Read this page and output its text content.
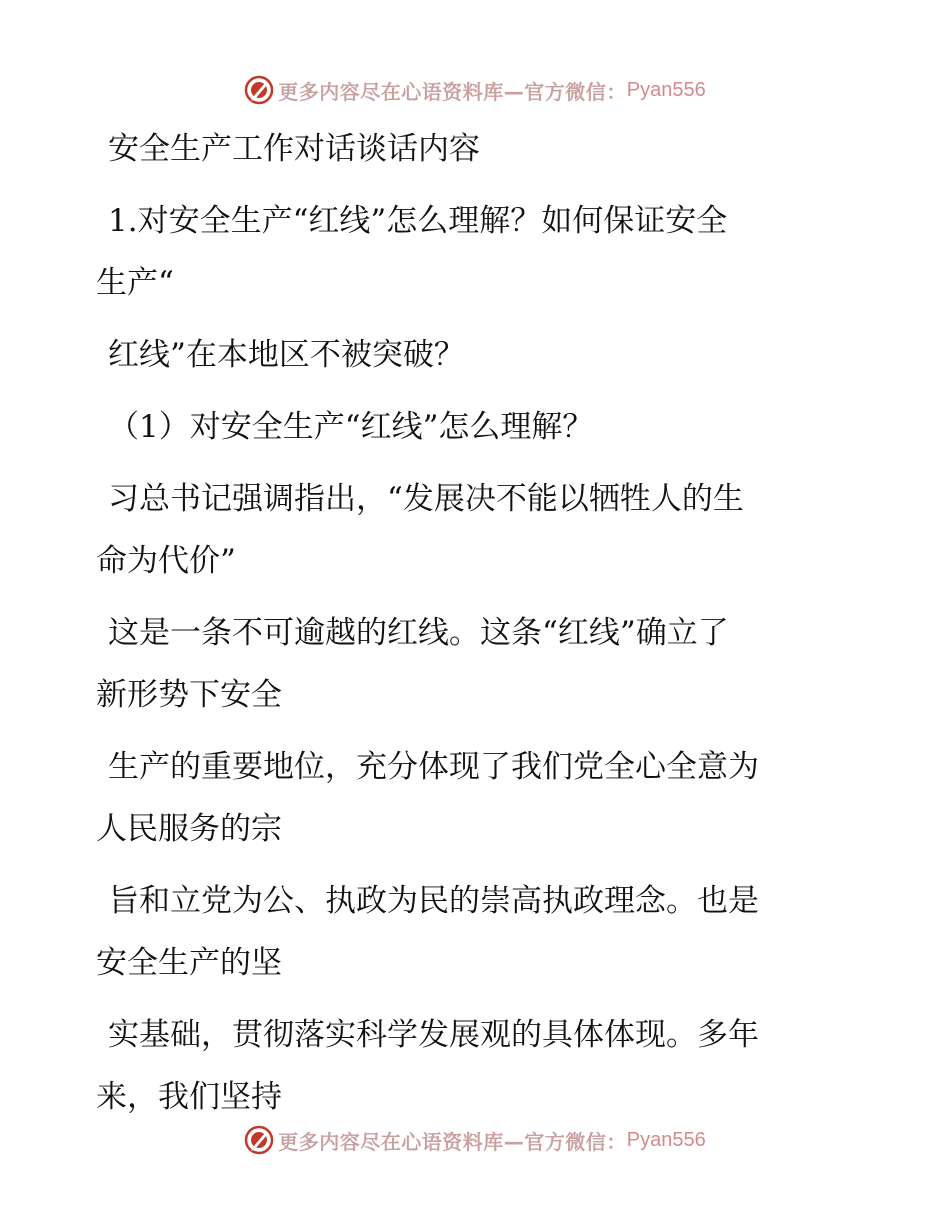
更多内容尽在心语资料库—官方微信： Pyan556

安全生产工作对话谈话内容

1.对安全生产“红线”怎么理解？如何保证安全

生产“

红线”在本地区不被突破？

（1）对安全生产“红线”怎么理解？

习总书记强调指出，“发展决不能以牺牲人的生

命为代价”

这是一条不可逾越的红线。这条“红线”确立了

新形势下安全

生产的重要地位，充分体现了我们党全心全意为

人民服务的宗

旨和立党为公、执政为民的崇高执政理念。也是

安全生产的坚

实基础，贯彻落实科学发展观的具体体现。多年

来，我们坚持

更多内容尽在心语资料库—官方微信： Pyan556
